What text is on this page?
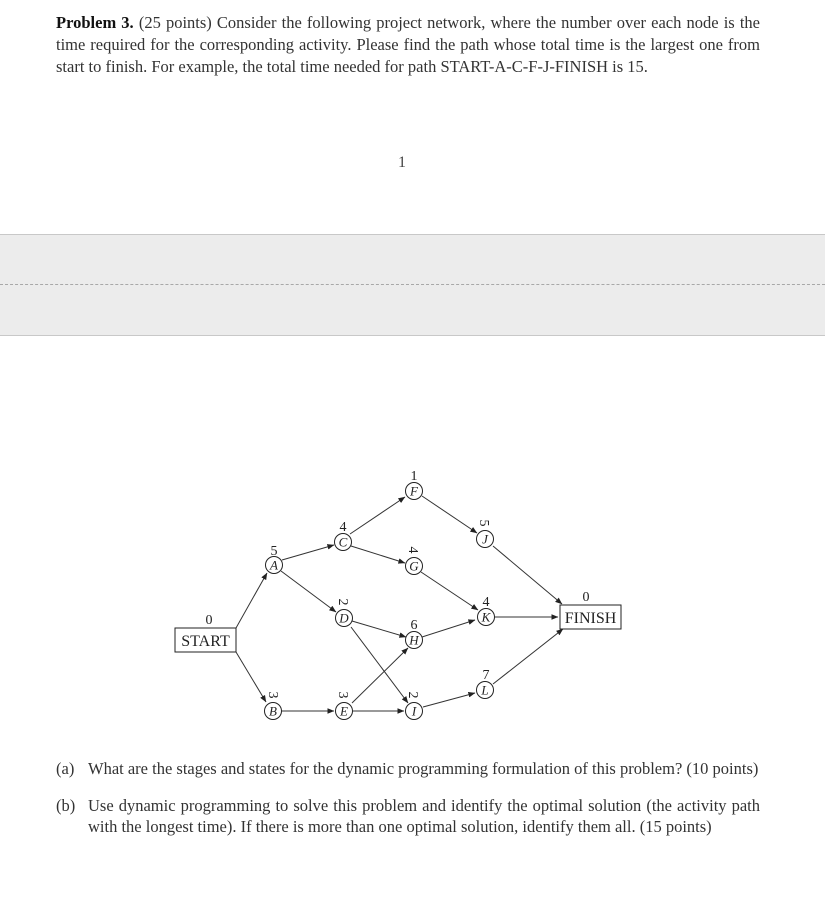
Problem 3. (25 points) Consider the following project network, where the number over each node is the time required for the corresponding activity. Please find the path whose total time is the largest one from start to finish. For example, the total time needed for path START-A-C-F-J-FINISH is 15.
1
START
0	FINISH
0
A
5
B
3
C
4
D
2
E
3
F
1
G
4
H
6
I
2
J
5
K
4
L
7
(a) What are the stages and states for the dynamic programming formulation of this problem? (10 points)
(b) Use dynamic programming to solve this problem and identify the optimal solution (the activity path with the longest time). If there is more than one optimal solution, identify them all. (15 points)
